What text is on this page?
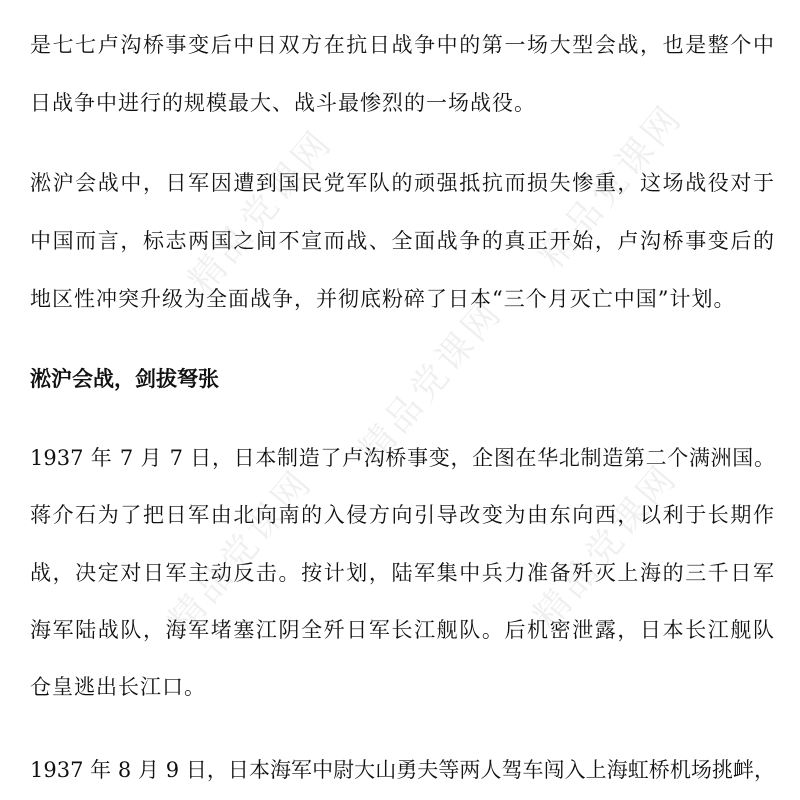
精品党课网	精品党课网
精品党课网
精品党课网	精品党课网
是七七卢沟桥事变后中日双方在抗日战争中的第一场大型会战，也是整个中
日战争中进行的规模最大、战斗最惨烈的一场战役。
淞沪会战中，日军因遭到国民党军队的顽强抵抗而损失惨重，这场战役对于
中国而言，标志两国之间不宣而战、全面战争的真正开始，卢沟桥事变后的
地区性冲突升级为全面战争，并彻底粉碎了日本“三个月灭亡中国”计划。
淞沪会战，剑拔弩张
1937 年 7 月 7 日，日本制造了卢沟桥事变，企图在华北制造第二个满洲国。
蒋介石为了把日军由北向南的入侵方向引导改变为由东向西，以利于长期作
战，决定对日军主动反击。按计划，陆军集中兵力准备歼灭上海的三千日军
海军陆战队，海军堵塞江阴全歼日军长江舰队。后机密泄露，日本长江舰队
仓皇逃出长江口。
1937 年 8 月 9 日，日本海军中尉大山勇夫等两人驾车闯入上海虹桥机场挑衅，
